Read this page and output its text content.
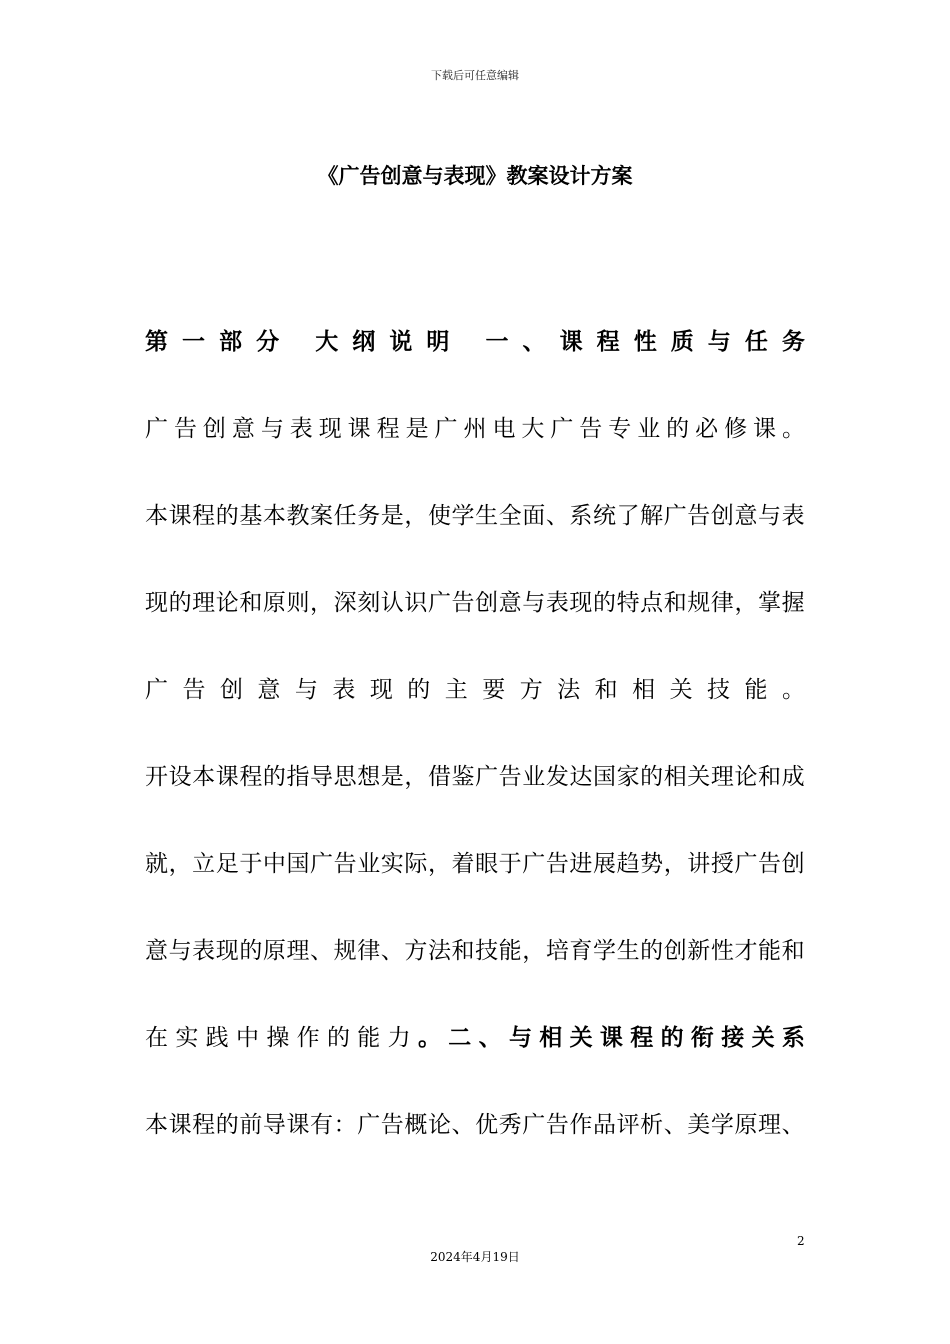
下载后可任意编辑
《广告创意与表现》教案设计方案
第 一 部 分
大 纲 说 明
一 、 课 程 性 质 与 任 务
广 告 创 意 与 表 现 课 程 是 广 州 电 大 广 告 专 业 的 必 修 课 。
本 课 程 的 基 本 教 案 任 务 是 ， 使 学 生 全 面 、 系 统 了 解 广 告 创 意 与 表
现 的 理 论 和 原 则 ， 深 刻 认 识 广 告 创 意 与 表 现 的 特 点 和 规 律 ， 掌 握
广 告 创 意 与 表 现 的 主 要 方 法 和 相 关 技 能 。
开 设 本 课 程 的 指 导 思 想 是 ， 借 鉴 广 告 业 发 达 国 家 的 相 关 理 论 和 成
就 ， 立 足 于 中 国 广 告 业 实 际 ， 着 眼 于 广 告 进 展 趋 势 ， 讲 授 广 告 创
意 与 表 现 的 原 理 、 规 律 、 方 法 和 技 能 ， 培 育 学 生 的 创 新 性 才 能 和
在 实 践 中 操 作 的 能 力 。 二 、 与 相 关 课 程 的 衔 接 关 系
本 课 程 的 前 导 课 有 ： 广 告 概 论 、 优 秀 广 告 作 品 评 析 、 美 学 原 理 、
2
2024年4月19日
